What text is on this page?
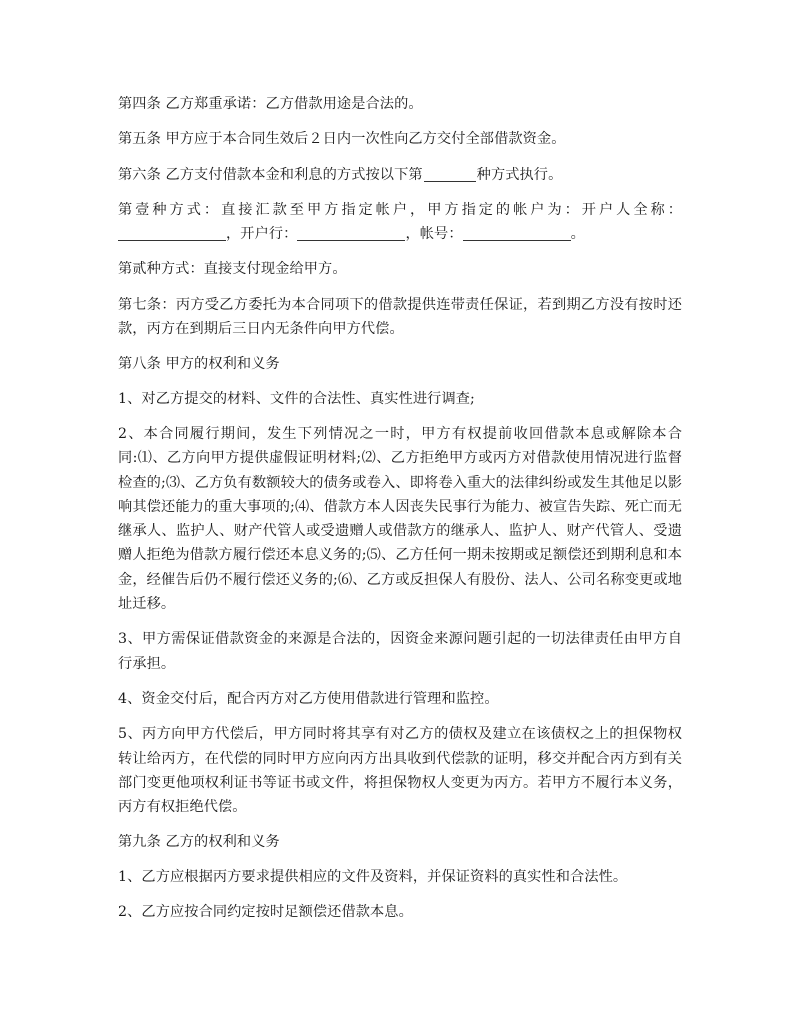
第四条 乙方郑重承诺：乙方借款用途是合法的。

第五条 甲方应于本合同生效后２日内一次性向乙方交付全部借款资金。

第六条 乙方支付借款本金和利息的方式按以下第	种方式执行。

第壹种方式：直接汇款至甲方指定帐户，甲方指定的帐户为：开户人全称：，开户行：	，帐号：	。

第贰种方式：直接支付现金给甲方。

第七条：丙方受乙方委托为本合同项下的借款提供连带责任保证，若到期乙方没有按时还款，丙方在到期后三日内无条件向甲方代偿。

第八条 甲方的权利和义务

1、对乙方提交的材料、文件的合法性、真实性进行调查;

2、本合同履行期间，发生下列情况之一时，甲方有权提前收回借款本息或解除本合同:⑴、乙方向甲方提供虚假证明材料;⑵、乙方拒绝甲方或丙方对借款使用情况进行监督检查的;⑶、乙方负有数额较大的债务或卷入、即将卷入重大的法律纠纷或发生其他足以影响其偿还能力的重大事项的;⑷、借款方本人因丧失民事行为能力、被宣告失踪、死亡而无继承人、监护人、财产代管人或受遗赠人或借款方的继承人、监护人、财产代管人、受遗赠人拒绝为借款方履行偿还本息义务的;⑸、乙方任何一期未按期或足额偿还到期利息和本金，经催告后仍不履行偿还义务的;⑹、乙方或反担保人有股份、法人、公司名称变更或地址迁移。

3、甲方需保证借款资金的来源是合法的，因资金来源问题引起的一切法律责任由甲方自行承担。

4、资金交付后，配合丙方对乙方使用借款进行管理和监控。

5、丙方向甲方代偿后，甲方同时将其享有对乙方的债权及建立在该债权之上的担保物权转让给丙方，在代偿的同时甲方应向丙方出具收到代偿款的证明，移交并配合丙方到有关部门变更他项权利证书等证书或文件，将担保物权人变更为丙方。若甲方不履行本义务，丙方有权拒绝代偿。

第九条 乙方的权利和义务

1、乙方应根据丙方要求提供相应的文件及资料，并保证资料的真实性和合法性。

2、乙方应按合同约定按时足额偿还借款本息。
